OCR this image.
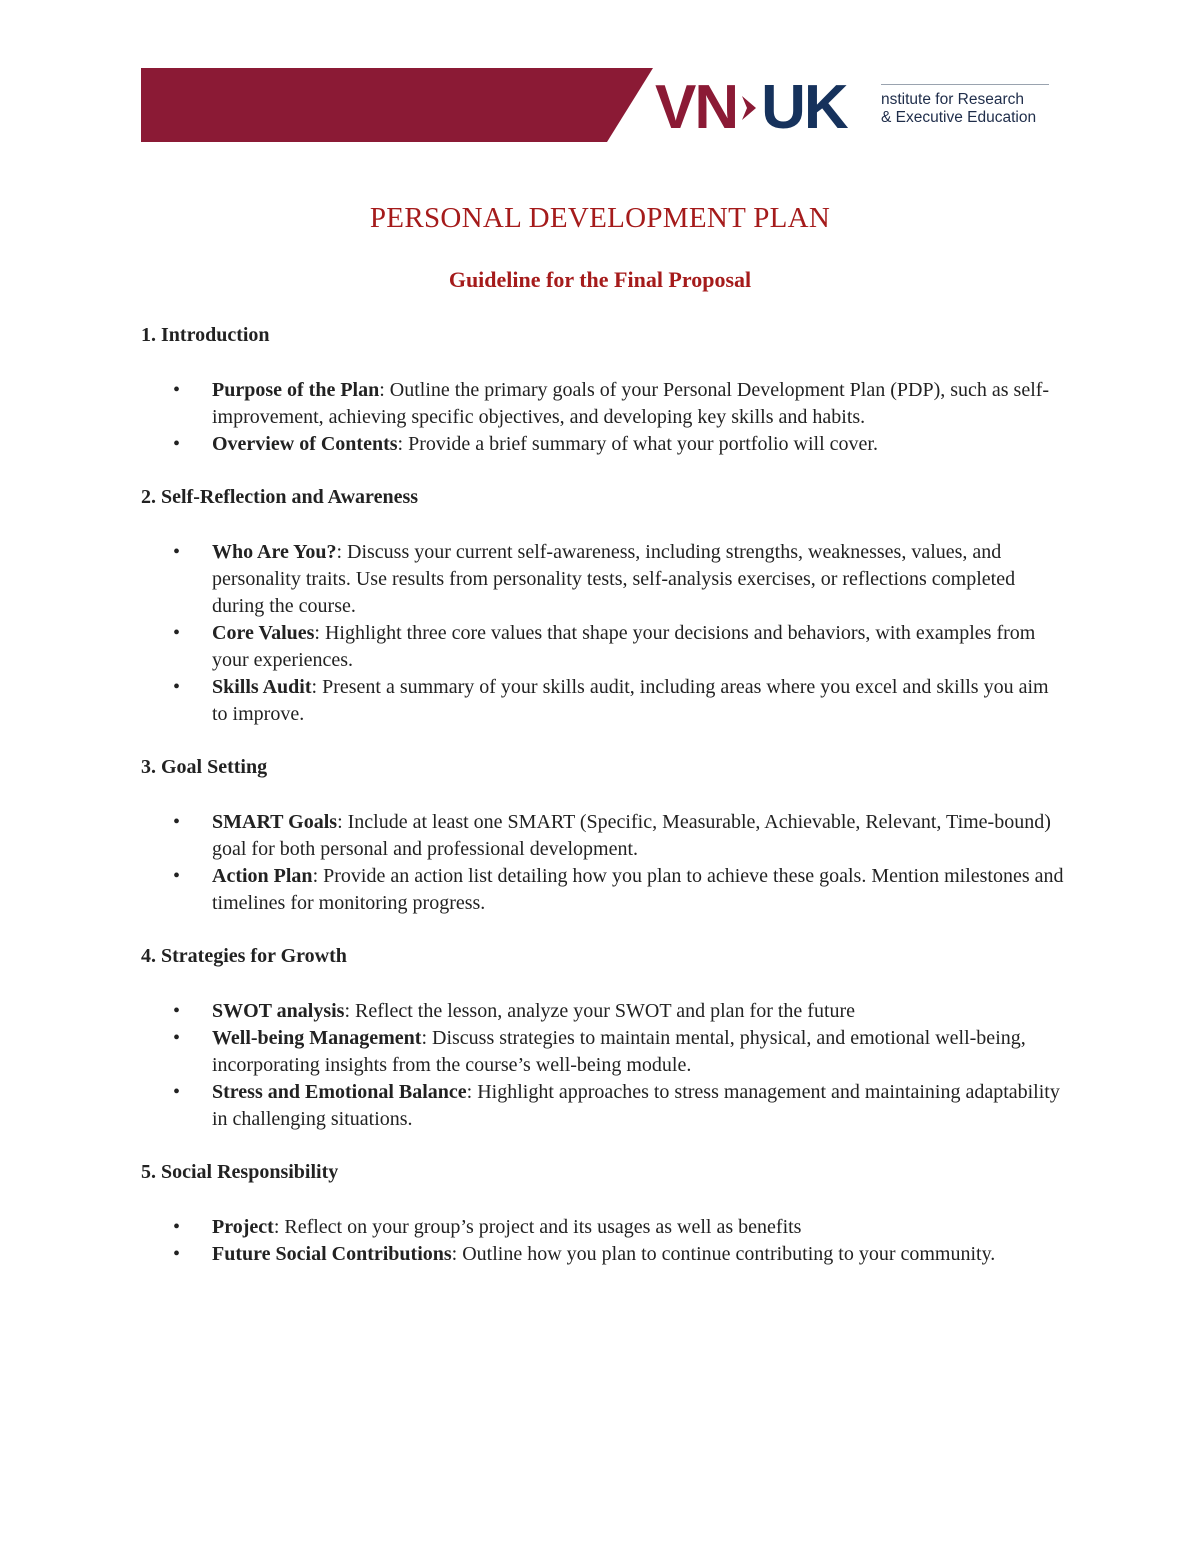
VN UK nstitute for Research
& Executive Education
PERSONAL DEVELOPMENT PLAN
Guideline for the Final Proposal
1. Introduction
• Purpose of the Plan: Outline the primary goals of your Personal Development Plan (PDP), such as self-improvement, achieving specific objectives, and developing key skills and habits.
• Overview of Contents: Provide a brief summary of what your portfolio will cover.
2. Self-Reflection and Awareness
• Who Are You?: Discuss your current self-awareness, including strengths, weaknesses, values, and personality traits. Use results from personality tests, self-analysis exercises, or reflections completed during the course.
• Core Values: Highlight three core values that shape your decisions and behaviors, with examples from your experiences.
• Skills Audit: Present a summary of your skills audit, including areas where you excel and skills you aim to improve.
3. Goal Setting
• SMART Goals: Include at least one SMART (Specific, Measurable, Achievable, Relevant, Time-bound) goal for both personal and professional development.
• Action Plan: Provide an action list detailing how you plan to achieve these goals. Mention milestones and timelines for monitoring progress.
4. Strategies for Growth
• SWOT analysis: Reflect the lesson, analyze your SWOT and plan for the future
• Well-being Management: Discuss strategies to maintain mental, physical, and emotional well-being, incorporating insights from the course’s well-being module.
• Stress and Emotional Balance: Highlight approaches to stress management and maintaining adaptability in challenging situations.
5. Social Responsibility
• Project: Reflect on your group’s project and its usages as well as benefits
• Future Social Contributions: Outline how you plan to continue contributing to your community.
